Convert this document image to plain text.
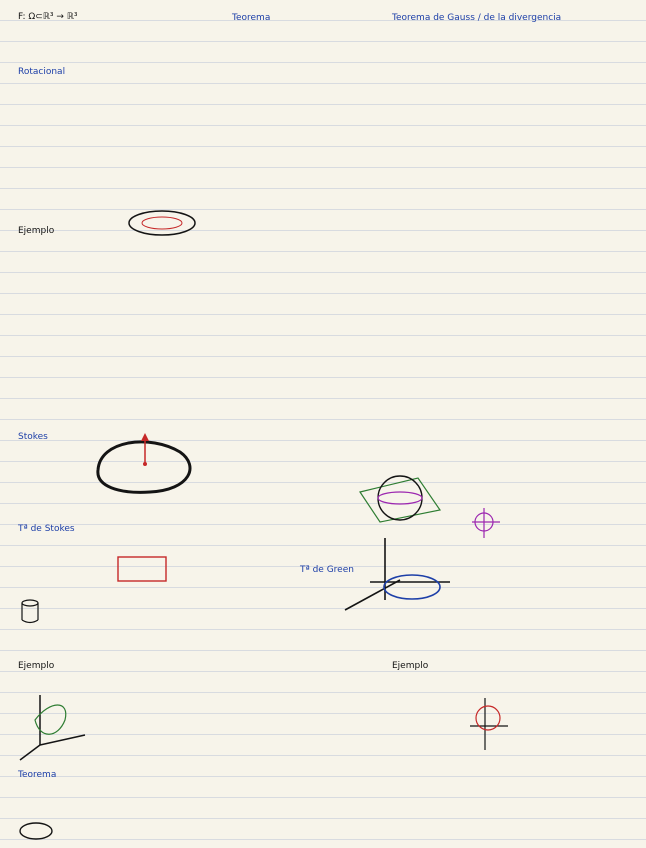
F: Ω⊂ℝ³ → ℝ³	Teorema	Teorema de Gauss / de la divergencia
Rotacional
Ejemplo
Stokes
Tª de Stokes
Tª de Green
Ejemplo	Ejemplo
Teorema
